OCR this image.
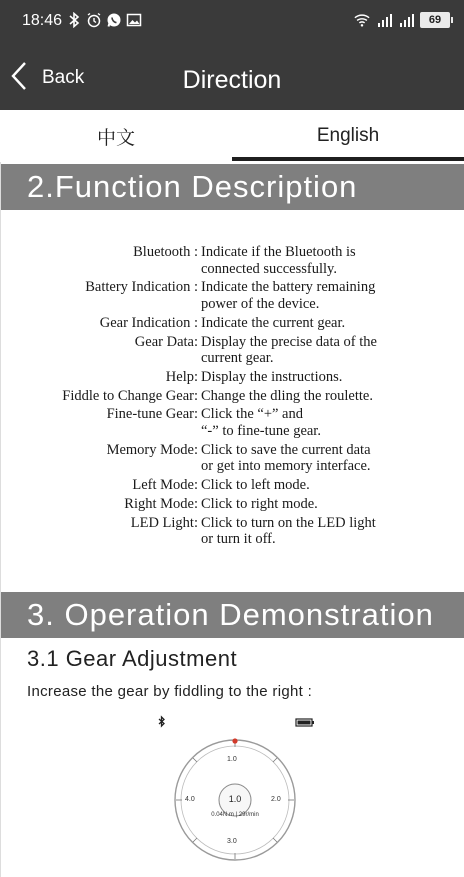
18:46	69
Back	Direction
中文	English
2.Function Description
Bluetooth : Indicate if the Bluetooth is
connected successfully.
Battery Indication : Indicate the battery remaining
power of the device.
Gear Indication : Indicate the current gear.
Gear Data: Display the precise data of the
current gear.
Help: Display the instructions.
Fiddle to Change Gear: Change the dling the roulette.
Fine-tune Gear: Click the “+” and
“-” to fine-tune gear.
Memory Mode: Click to save the current data
or get into memory interface.
Left Mode: Click to left mode.
Right Mode: Click to right mode.
LED Light: Click to turn on the LED light
or turn it off.
3. Operation Demonstration
3.1 Gear Adjustment
Increase the gear by fiddling to the right :
1.0
4.0	2.0
3.0
1.0
0.04N.m | 29r/min
